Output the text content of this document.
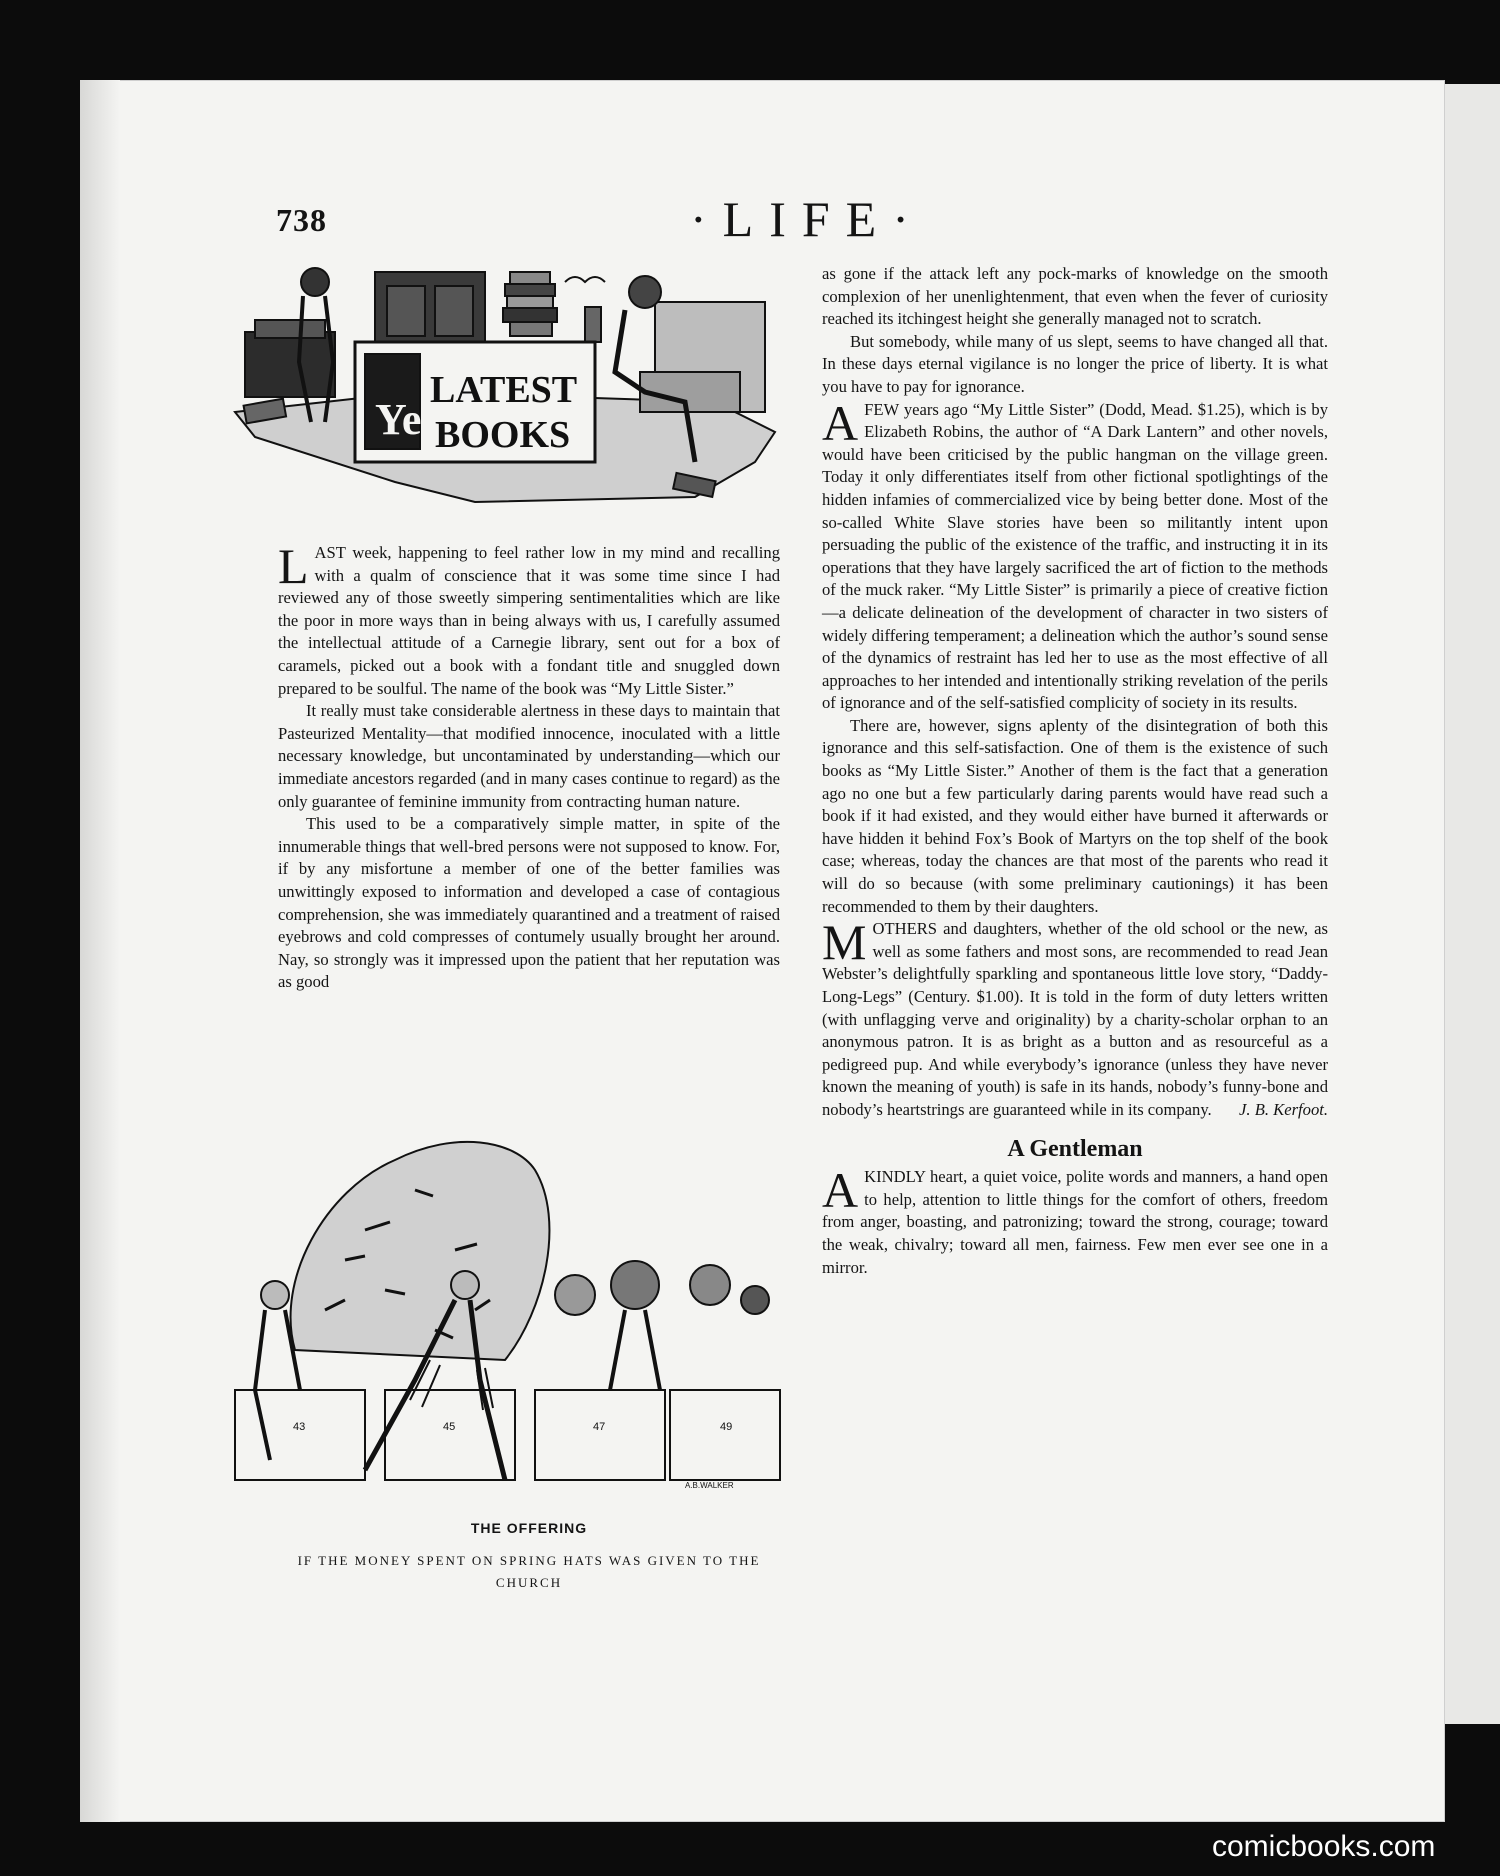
738	·LIFE·
Ye
LATEST
BOOKS

LAST week, happening to feel rather low in my mind and recalling with a qualm of conscience that it was some time since I had reviewed any of those sweetly simpering sentimentalities which are like the poor in more ways than in being always with us, I carefully assumed the intellectual attitude of a Carnegie library, sent out for a box of caramels, picked out a book with a fondant title and snuggled down prepared to be soulful. The name of the book was “My Little Sister.”

It really must take considerable alertness in these days to maintain that Pasteurized Mentality—that modified innocence, inoculated with a little necessary knowledge, but uncontaminated by understanding—which our immediate ancestors regarded (and in many cases continue to regard) as the only guarantee of feminine immunity from contracting human nature.

This used to be a comparatively simple matter, in spite of the innumerable things that well-bred persons were not supposed to know. For, if by any misfortune a member of one of the better families was unwittingly exposed to information and developed a case of contagious comprehension, she was immediately quarantined and a treatment of raised eyebrows and cold compresses of contumely usually brought her around. Nay, so strongly was it impressed upon the patient that her reputation was as good

43	45	47	49
A.B.WALKER
THE OFFERING
IF THE MONEY SPENT ON SPRING HATS WAS GIVEN TO THE CHURCH

as gone if the attack left any pock-marks of knowledge on the smooth complexion of her unenlightenment, that even when the fever of curiosity reached its itchingest height she generally managed not to scratch.

But somebody, while many of us slept, seems to have changed all that. In these days eternal vigilance is no longer the price of liberty. It is what you have to pay for ignorance.

AFEW years ago “My Little Sister” (Dodd, Mead. $1.25), which is by Elizabeth Robins, the author of “A Dark Lantern” and other novels, would have been criticised by the public hangman on the village green. Today it only differentiates itself from other fictional spotlightings of the hidden infamies of commercialized vice by being better done. Most of the so-called White Slave stories have been so militantly intent upon persuading the public of the existence of the traffic, and instructing it in its operations that they have largely sacrificed the art of fiction to the methods of the muck raker. “My Little Sister” is primarily a piece of creative fiction—a delicate delineation of the development of character in two sisters of widely differing temperament; a delineation which the author’s sound sense of the dynamics of restraint has led her to use as the most effective of all approaches to her intended and intentionally striking revelation of the perils of ignorance and of the self-satisfied complicity of society in its results.

There are, however, signs aplenty of the disintegration of both this ignorance and this self-satisfaction. One of them is the existence of such books as “My Little Sister.” Another of them is the fact that a generation ago no one but a few particularly daring parents would have read such a book if it had existed, and they would either have burned it afterwards or have hidden it behind Fox’s Book of Martyrs on the top shelf of the book case; whereas, today the chances are that most of the parents who read it will do so because (with some preliminary cautionings) it has been recommended to them by their daughters.

MOTHERS and daughters, whether of the old school or the new, as well as some fathers and most sons, are recommended to read Jean Webster’s delightfully sparkling and spontaneous little love story, “Daddy-Long-Legs” (Century. $1.00). It is told in the form of duty letters written (with unflagging verve and originality) by a charity-scholar orphan to an anonymous patron. It is as bright as a button and as resourceful as a pedigreed pup. And while everybody’s ignorance (unless they have never known the meaning of youth) is safe in its hands, nobody’s funny-bone and nobody’s heartstrings are guaranteed while in its company. J. B. Kerfoot.

A Gentleman

AKINDLY heart, a quiet voice, polite words and manners, a hand open to help, attention to little things for the comfort of others, freedom from anger, boasting, and patronizing; toward the strong, courage; toward the weak, chivalry; toward all men, fairness. Few men ever see one in a mirror.

comicbooks.com
